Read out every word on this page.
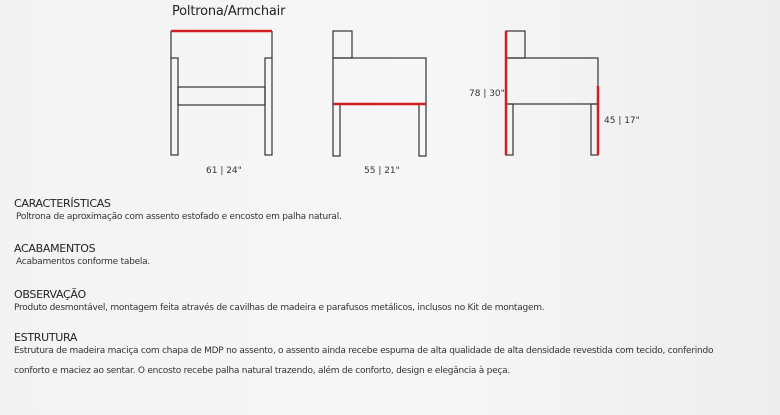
Poltrona/Armchair
61 | 24"	55 | 21"
78 | 30"
45 | 17"
CARACTERÍSTICAS
Poltrona de aproximação com assento estofado e encosto em palha natural.
ACABAMENTOS
Acabamentos conforme tabela.
OBSERVAÇÃO
Produto desmontável, montagem feita através de cavilhas de madeira e parafusos metálicos, inclusos no Kit de montagem.
ESTRUTURA
Estrutura de madeira maciça com chapa de MDP no assento, o assento ainda recebe espuma de alta qualidade de alta densidade revestida com tecido, conferindo
conforto e maciez ao sentar. O encosto recebe palha natural trazendo, além de conforto, design e elegância à peça.
